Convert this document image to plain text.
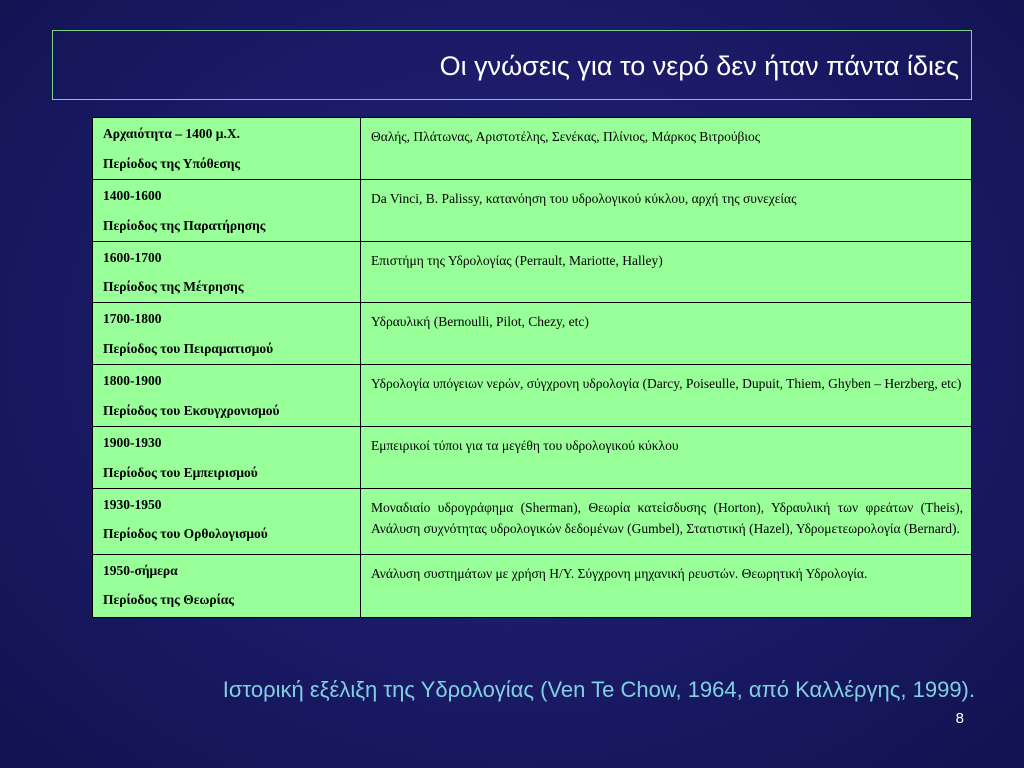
Οι γνώσεις για το νερό δεν ήταν πάντα ίδιες
Αρχαιότητα – 1400 μ.Χ.
Περίοδος της Υπόθεσης	Θαλής, Πλάτωνας, Αριστοτέλης, Σενέκας, Πλίνιος, Μάρκος Βιτρούβιος

1400-1600
Περίοδος της Παρατήρησης	Da Vinci, B. Palissy, κατανόηση του υδρολογικού κύκλου, αρχή της συνεχείας

1600-1700
Περίοδος της Μέτρησης	Επιστήμη της Υδρολογίας (Perrault, Mariotte, Halley)

1700-1800
Περίοδος του Πειραματισμού	Υδραυλική (Bernoulli, Pilot, Chezy, etc)

1800-1900
Περίοδος του Εκσυγχρονισμού	Υδρολογία υπόγειων νερών, σύγχρονη υδρολογία (Darcy, Poiseulle, Dupuit, Thiem, Ghyben – Herzberg, etc)

1900-1930
Περίοδος του Εμπειρισμού	Εμπειρικοί τύποι για τα μεγέθη του υδρολογικού κύκλου

1930-1950
Περίοδος του Ορθολογισμού	Μοναδιαίο υδρογράφημα (Sherman), Θεωρία κατείσδυσης (Horton), Υδραυλική των φρεάτων (Theis), Ανάλυση συχνότητας υδρολογικών δεδομένων (Gumbel), Στατιστική (Hazel), Υδρομετεωρολογία (Bernard).

1950-σήμερα
Περίοδος της Θεωρίας	Ανάλυση συστημάτων με χρήση Η/Υ. Σύγχρονη μηχανική ρευστών. Θεωρητική Υδρολογία.
Ιστορική εξέλιξη της Υδρολογίας (Ven Te Chow, 1964, από Καλλέργης, 1999).
8
